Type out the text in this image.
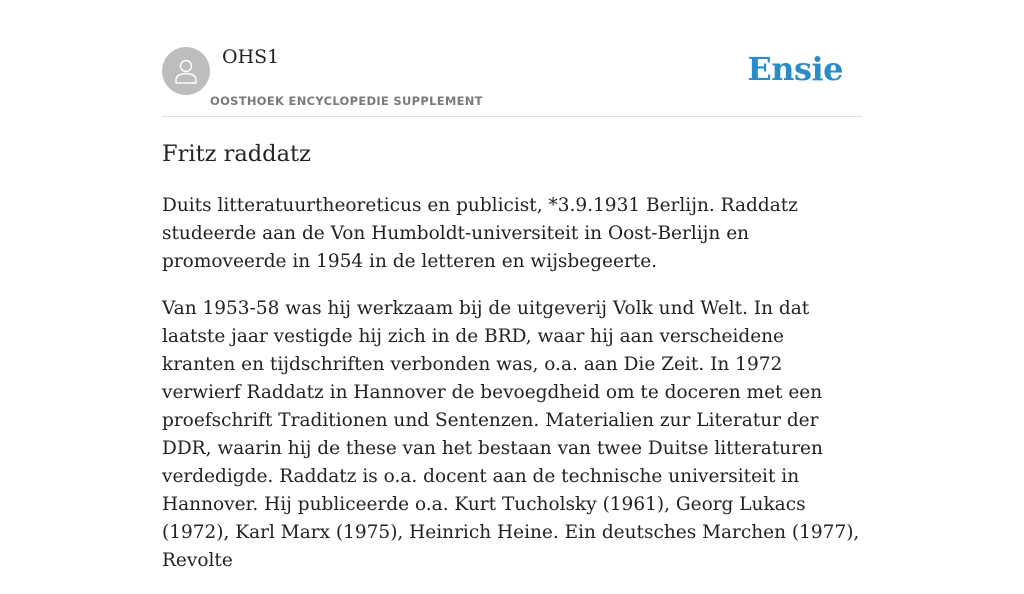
OHS1
OOSTHOEK ENCYCLOPEDIE SUPPLEMENT
Ensie
Fritz raddatz

Duits litteratuurtheoreticus en publicist, *3.9.1931 Berlijn. Raddatz studeerde aan de Von Humboldt-universiteit in Oost-Berlijn en promoveerde in 1954 in de letteren en wijsbegeerte.

Van 1953-58 was hij werkzaam bij de uitgeverij Volk und Welt. In dat laatste jaar vestigde hij zich in de BRD, waar hij aan verscheidene kranten en tijdschriften verbonden was, o.a. aan Die Zeit. In 1972 verwierf Raddatz in Hannover de bevoegdheid om te doceren met een proefschrift Traditionen und Sentenzen. Materialien zur Literatur der DDR, waarin hij de these van het bestaan van twee Duitse litteraturen verdedigde. Raddatz is o.a. docent aan de technische universiteit in Hannover. Hij publiceerde o.a. Kurt Tucholsky (1961), Georg Lukacs (1972), Karl Marx (1975), Heinrich Heine. Ein deutsches Marchen (1977), Revolte
